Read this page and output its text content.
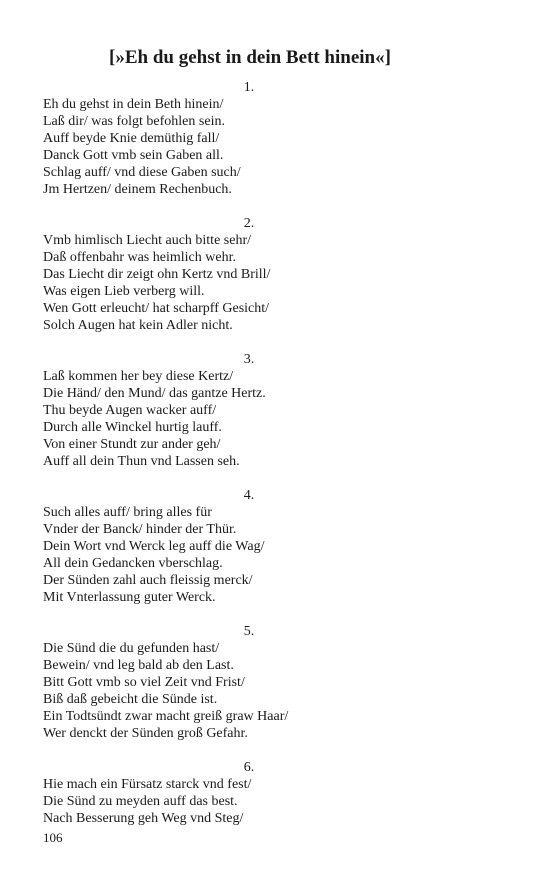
[»Eh du gehst in dein Bett hinein«]
1.
Eh du gehst in dein Beth hinein/
Laß dir/ was folgt befohlen sein.
Auff beyde Knie demüthig fall/
Danck Gott vmb sein Gaben all.
Schlag auff/ vnd diese Gaben such/
Jm Hertzen/ deinem Rechenbuch.
2.
Vmb himlisch Liecht auch bitte sehr/
Daß offenbahr was heimlich wehr.
Das Liecht dir zeigt ohn Kertz vnd Brill/
Was eigen Lieb verberg will.
Wen Gott erleucht/ hat scharpff Gesicht/
Solch Augen hat kein Adler nicht.
3.
Laß kommen her bey diese Kertz/
Die Händ/ den Mund/ das gantze Hertz.
Thu beyde Augen wacker auff/
Durch alle Winckel hurtig lauff.
Von einer Stundt zur ander geh/
Auff all dein Thun vnd Lassen seh.
4.
Such alles auff/ bring alles für
Vnder der Banck/ hinder der Thür.
Dein Wort vnd Werck leg auff die Wag/
All dein Gedancken vberschlag.
Der Sünden zahl auch fleissig merck/
Mit Vnterlassung guter Werck.
5.
Die Sünd die du gefunden hast/
Bewein/ vnd leg bald ab den Last.
Bitt Gott vmb so viel Zeit vnd Frist/
Biß daß gebeicht die Sünde ist.
Ein Todtsündt zwar macht greiß graw Haar/
Wer denckt der Sünden groß Gefahr.
6.
Hie mach ein Fürsatz starck vnd fest/
Die Sünd zu meyden auff das best.
Nach Besserung geh Weg vnd Steg/
106
